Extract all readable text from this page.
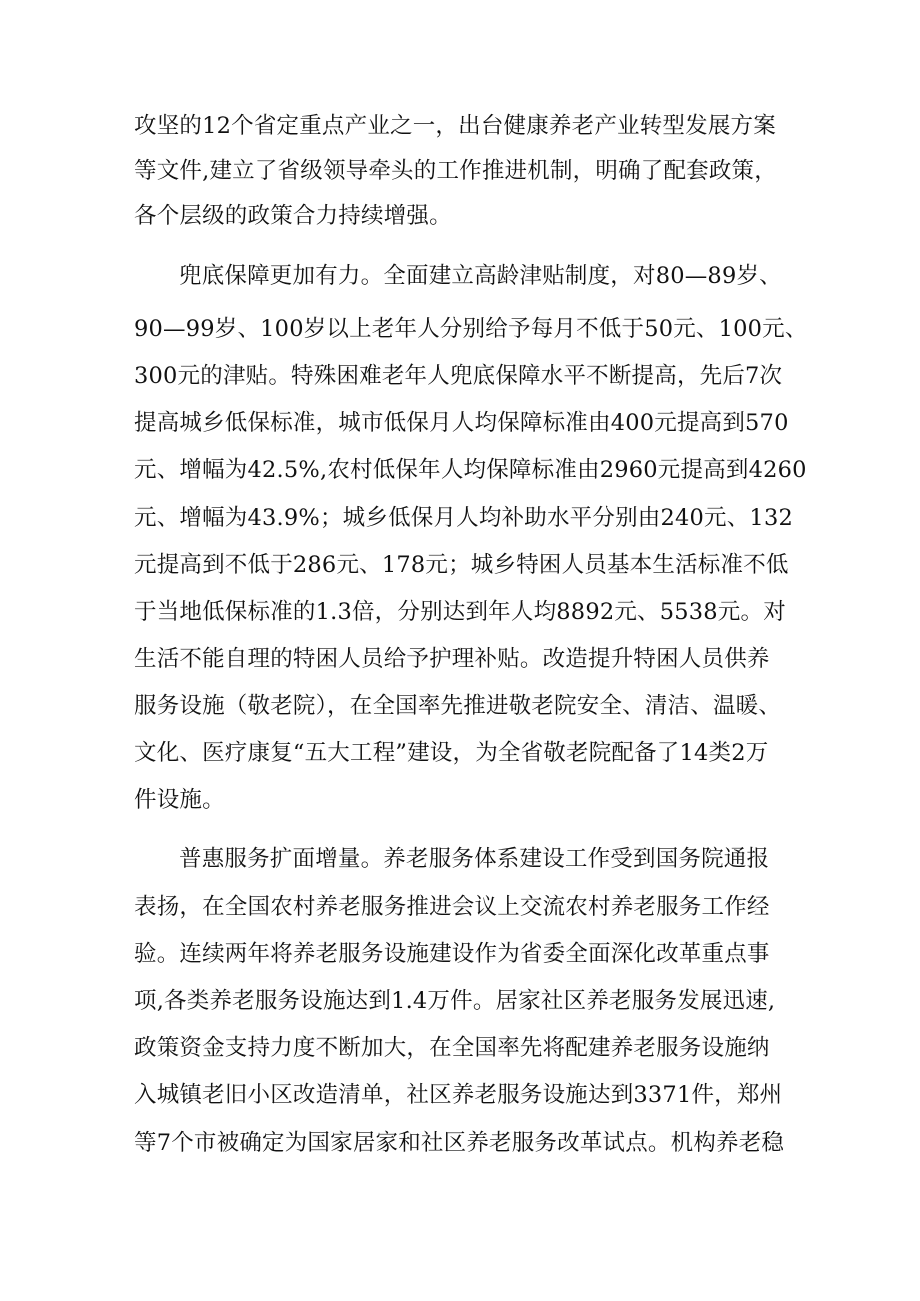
攻坚的12个省定重点产业之一，出台健康养老产业转型发展方案
等文件,建立了省级领导牵头的工作推进机制，明确了配套政策，
各个层级的政策合力持续增强。
兜底保障更加有力。全面建立高龄津贴制度，对80—89岁、
90—99岁、100岁以上老年人分别给予每月不低于50元、100元、
300元的津贴。特殊困难老年人兜底保障水平不断提高，先后7次
提高城乡低保标准，城市低保月人均保障标准由400元提高到570
元、增幅为42.5%,农村低保年人均保障标准由2960元提高到4260
元、增幅为43.9%；城乡低保月人均补助水平分别由240元、132
元提高到不低于286元、178元；城乡特困人员基本生活标准不低
于当地低保标准的1.3倍，分别达到年人均8892元、5538元。对
生活不能自理的特困人员给予护理补贴。改造提升特困人员供养
服务设施（敬老院），在全国率先推进敬老院安全、清洁、温暖、
文化、医疗康复“五大工程”建设，为全省敬老院配备了14类2万
件设施。
普惠服务扩面增量。养老服务体系建设工作受到国务院通报
表扬，在全国农村养老服务推进会议上交流农村养老服务工作经
验。连续两年将养老服务设施建设作为省委全面深化改革重点事
项,各类养老服务设施达到1.4万件。居家社区养老服务发展迅速,
政策资金支持力度不断加大，在全国率先将配建养老服务设施纳
入城镇老旧小区改造清单，社区养老服务设施达到3371件，郑州
等7个市被确定为国家居家和社区养老服务改革试点。机构养老稳
